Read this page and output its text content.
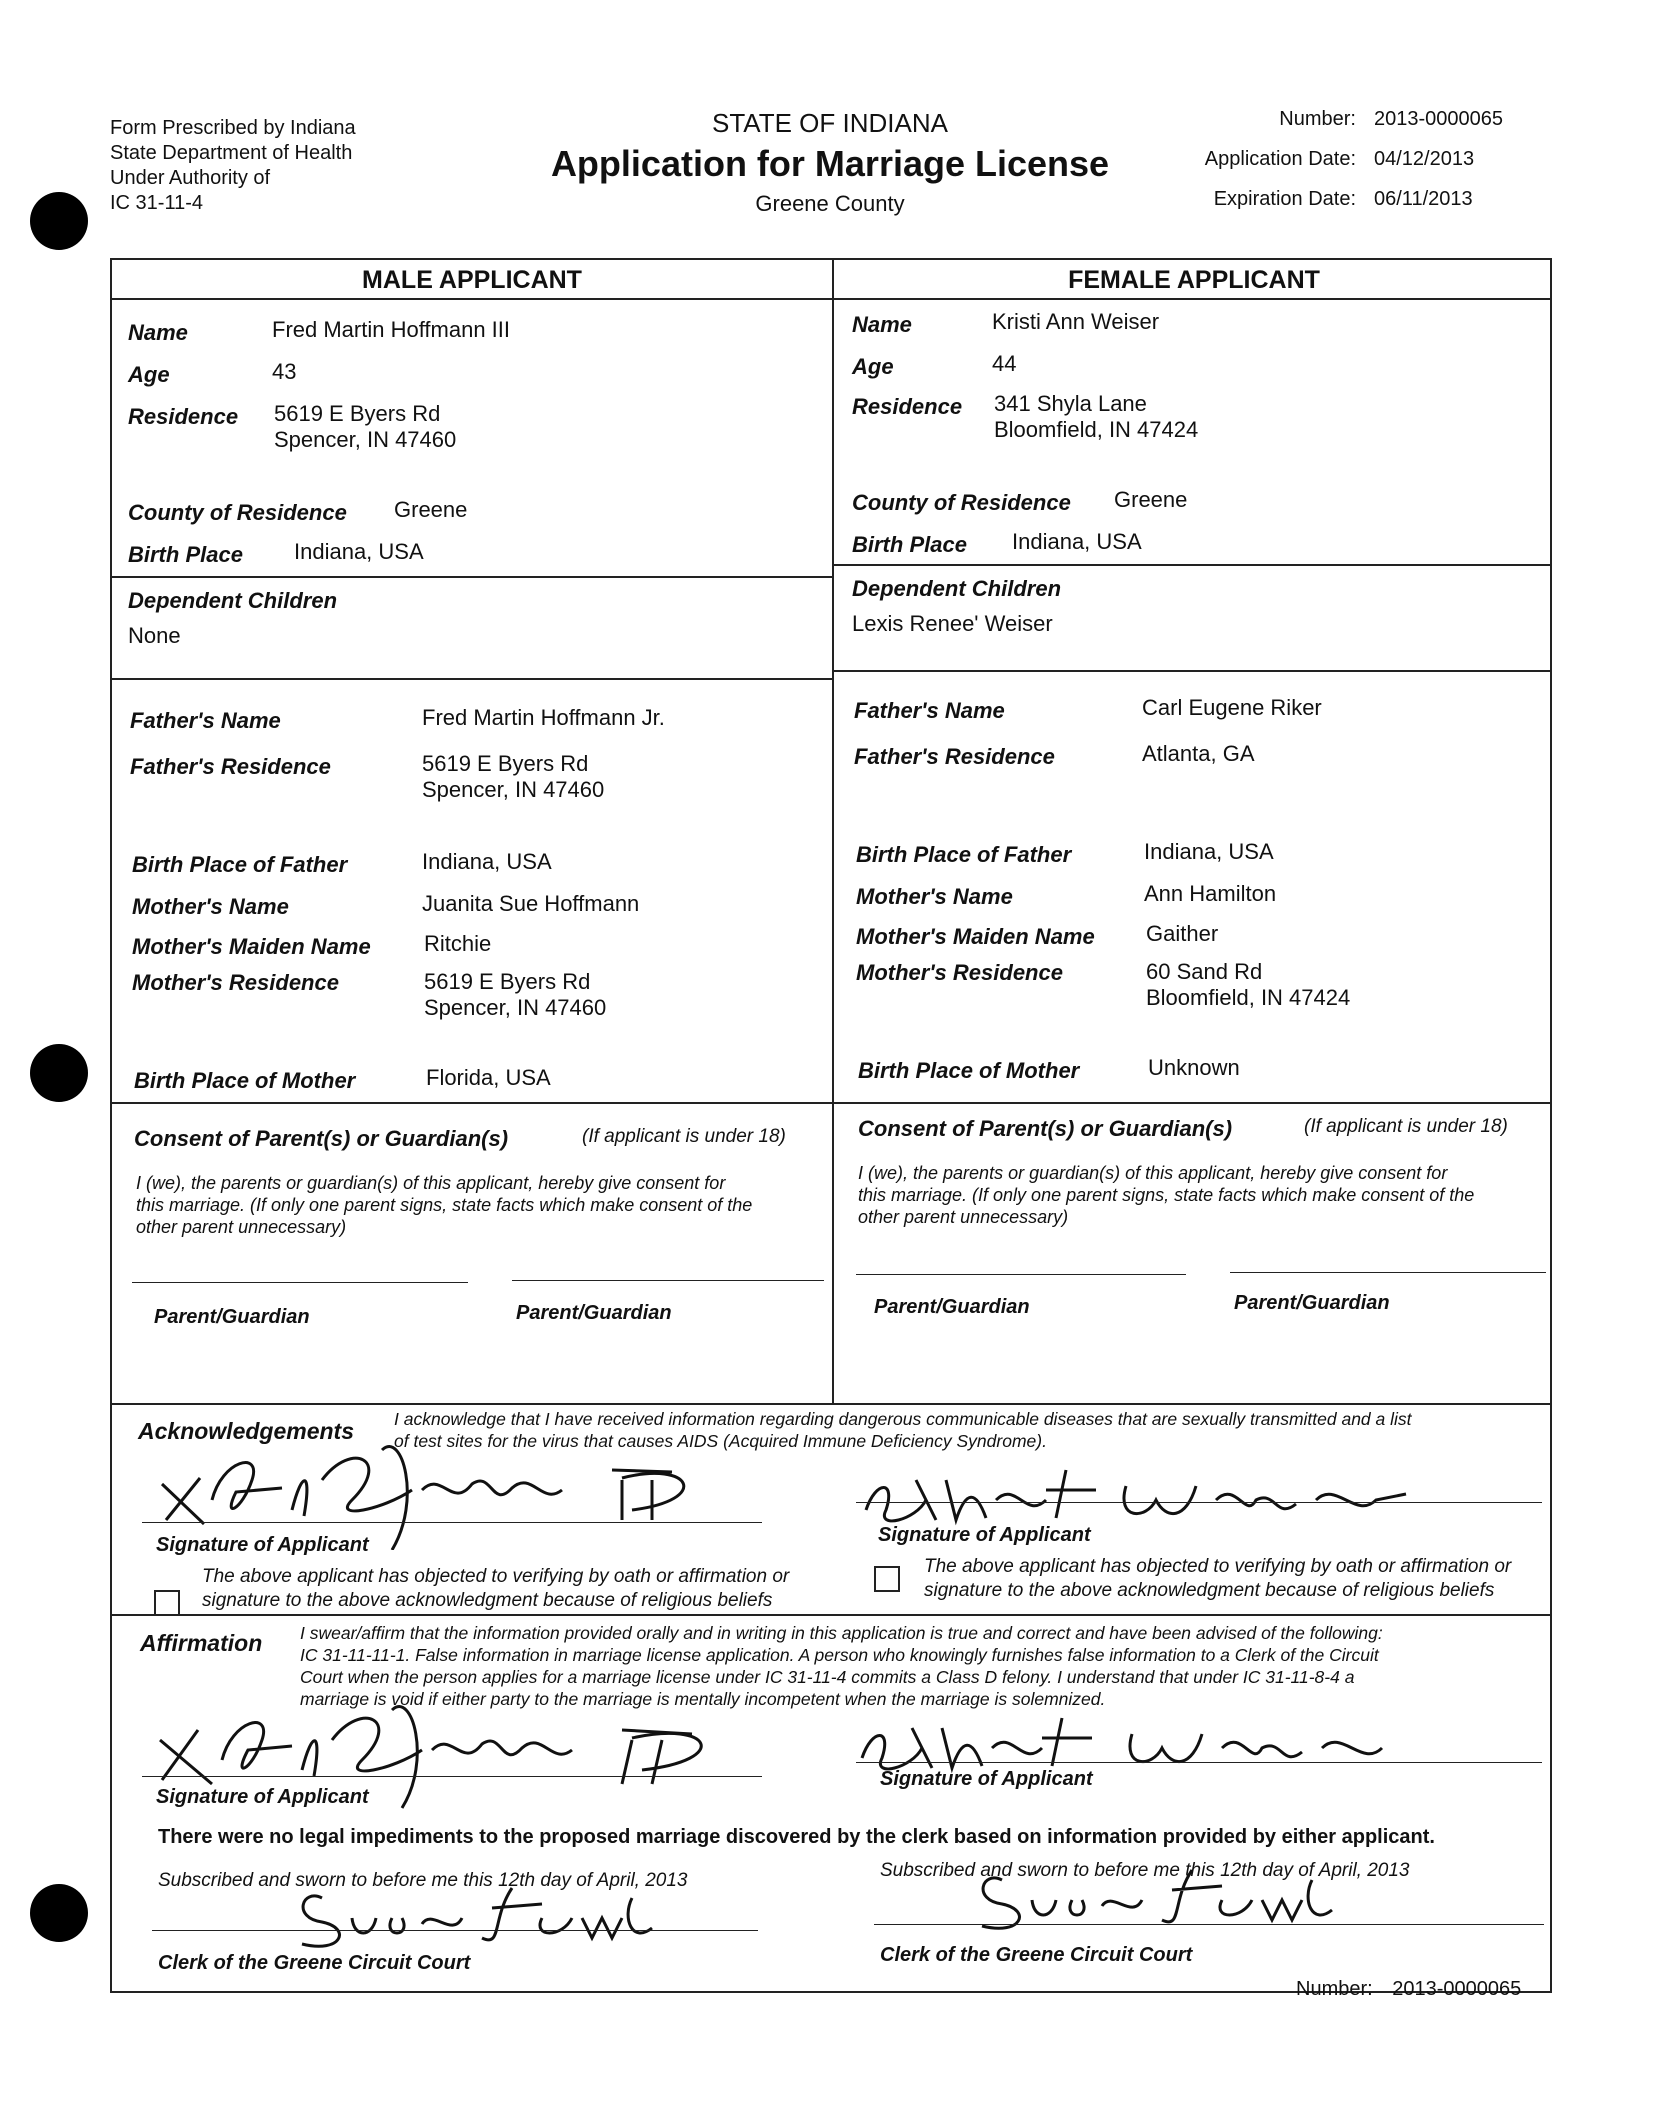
Form Prescribed by Indiana
State Department of Health
Under Authority of
IC 31-11-4
STATE OF INDIANA
Application for Marriage License
Greene County
Number: 2013-0000065
Application Date: 04/12/2013
Expiration Date: 06/11/2013
MALE APPLICANT	FEMALE APPLICANT
Name	Fred Martin Hoffmann III
Age	43
Residence 5619 E Byers Rd
Spencer, IN 47460
County of Residence Greene
Birth Place Indiana, USA
Dependent Children
None
Father's Name	Fred Martin Hoffmann Jr.
Father's Residence	5619 E Byers Rd
Spencer, IN 47460
Birth Place of Father	Indiana, USA
Mother's Name	Juanita Sue Hoffmann
Mother's Maiden Name Ritchie
Mother's Residence	5619 E Byers Rd
Spencer, IN 47460
Birth Place of Mother	Florida, USA
Consent of Parent(s) or Guardian(s)	(If applicant is under 18)
I (we), the parents or guardian(s) of this applicant, hereby give consent for
this marriage. (If only one parent signs, state facts which make consent of the
other parent unnecessary)
Parent/Guardian	Parent/Guardian
Name	Kristi Ann Weiser
Age	44
Residence 341 Shyla Lane
Bloomfield, IN 47424
County of Residence Greene
Birth Place Indiana, USA
Dependent Children
Lexis Renee' Weiser
Father's Name	Carl Eugene Riker
Father's Residence	Atlanta, GA
Birth Place of Father	Indiana, USA
Mother's Name	Ann Hamilton
Mother's Maiden Name Gaither
Mother's Residence	60 Sand Rd
Bloomfield, IN 47424
Birth Place of Mother	Unknown
Consent of Parent(s) or Guardian(s)	(If applicant is under 18)
I (we), the parents or guardian(s) of this applicant, hereby give consent for
this marriage. (If only one parent signs, state facts which make consent of the
other parent unnecessary)
Parent/Guardian	Parent/Guardian
Acknowledgements I acknowledge that I have received information regarding dangerous communicable diseases that are sexually transmitted and a list
of test sites for the virus that causes AIDS (Acquired Immune Deficiency Syndrome).
Signature of Applicant
The above applicant has objected to verifying by oath or affirmation or
signature to the above acknowledgment because of religious beliefs
Signature of Applicant
The above applicant has objected to verifying by oath or affirmation or
signature to the above acknowledgment because of religious beliefs
Affirmation I swear/affirm that the information provided orally and in writing in this application is true and correct and have been advised of the following:
IC 31-11-11-1. False information in marriage license application. A person who knowingly furnishes false information to a Clerk of the Circuit
Court when the person applies for a marriage license under IC 31-11-4 commits a Class D felony. I understand that under IC 31-11-8-4 a
marriage is void if either party to the marriage is mentally incompetent when the marriage is solemnized.
Signature of Applicant
Signature of Applicant
There were no legal impediments to the proposed marriage discovered by the clerk based on information provided by either applicant.
Subscribed and sworn to before me this 12th day of April, 2013
Clerk of the Greene Circuit Court
Subscribed and sworn to before me this 12th day of April, 2013
Clerk of the Greene Circuit Court
Number: 2013-0000065
